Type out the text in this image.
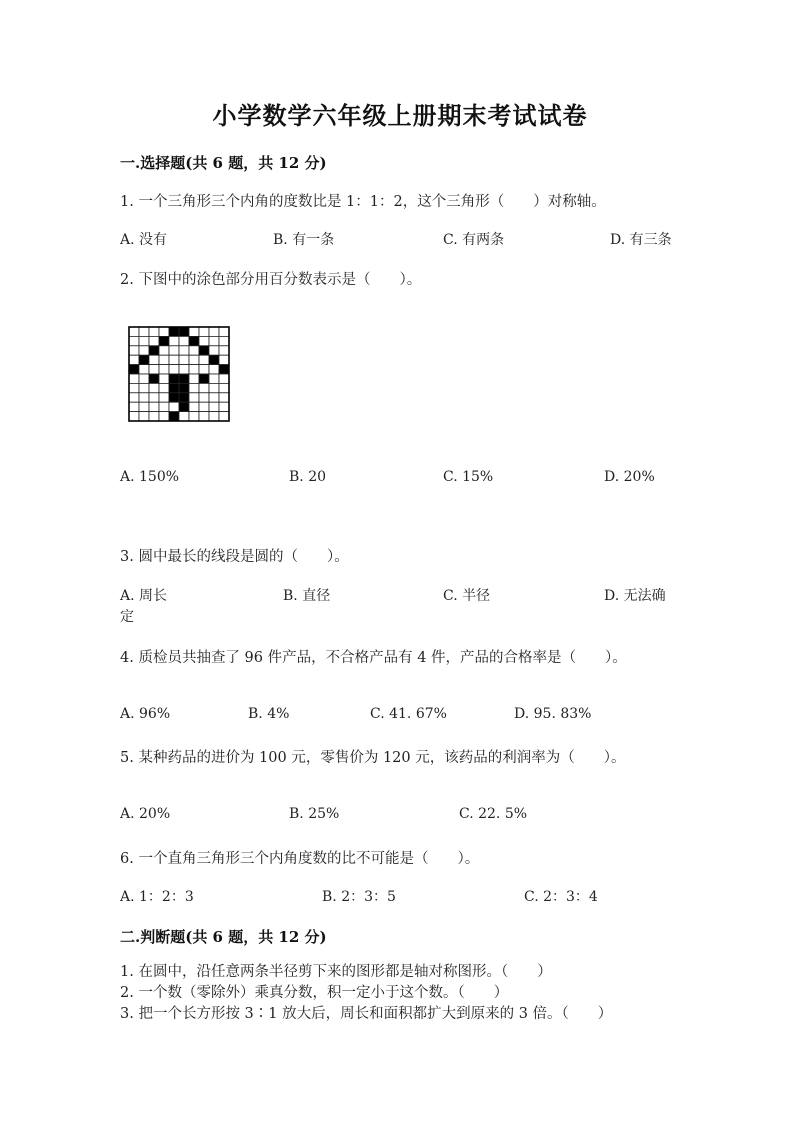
小学数学六年级上册期末考试试卷
一.选择题(共 6 题，共 12 分)
1. 一个三角形三个内角的度数比是 1：1：2，这个三角形（　　）对称轴。
A. 没有	B. 有一条	C. 有两条	D. 有三条
2. 下图中的涂色部分用百分数表示是（　　）。
A. 150%	B. 20	C. 15%	D. 20%
3. 圆中最长的线段是圆的（　　）。
A. 周长	B. 直径	C. 半径	D. 无法确
定
4. 质检员共抽查了 96 件产品，不合格产品有 4 件，产品的合格率是（　　）。
A. 96%	B. 4%	C. 41. 67%	D. 95. 83%
5. 某种药品的进价为 100 元，零售价为 120 元，该药品的利润率为（　　）。
A. 20%	B. 25%	C. 22. 5%
6. 一个直角三角形三个内角度数的比不可能是（　　）。
A. 1：2：3	B. 2：3：5	C. 2：3：4
二.判断题(共 6 题，共 12 分)
1. 在圆中，沿任意两条半径剪下来的图形都是轴对称图形。（　　）
2. 一个数（零除外）乘真分数，积一定小于这个数。（　　）
3. 把一个长方形按 3∶1 放大后，周长和面积都扩大到原来的 3 倍。（　　）
